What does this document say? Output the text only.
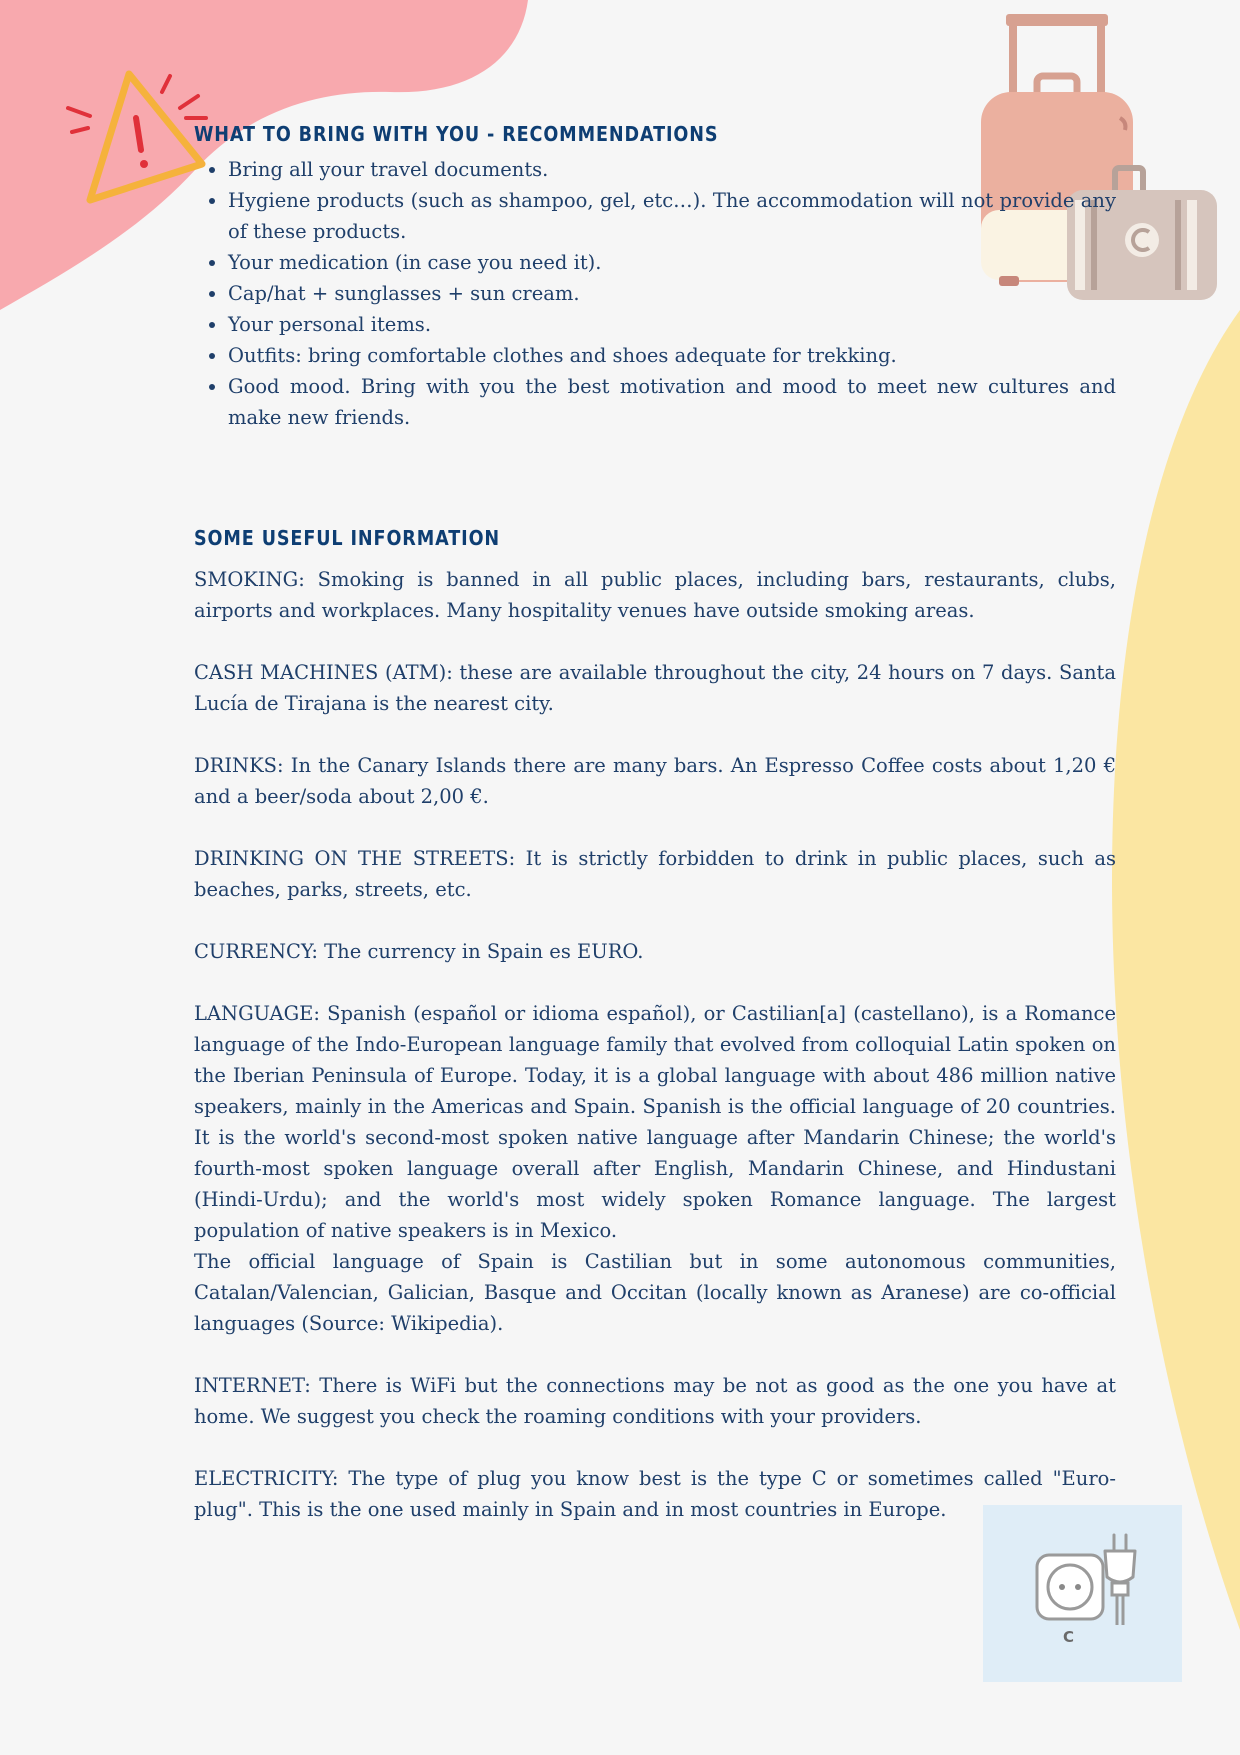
WHAT TO BRING WITH YOU - RECOMMENDATIONS
• Bring all your travel documents.
• Hygiene products (such as shampoo, gel, etc…). The accommodation will not provide any of these products.
• Your medication (in case you need it).
• Cap/hat + sunglasses + sun cream.
• Your personal items.
• Outfits: bring comfortable clothes and shoes adequate for trekking.
• Good mood. Bring with you the best motivation and mood to meet new cultures and make new friends.
SOME USEFUL INFORMATION

SMOKING: Smoking is banned in all public places, including bars, restaurants, clubs, airports and workplaces. Many hospitality venues have outside smoking areas.

CASH MACHINES (ATM): these are available throughout the city, 24 hours on 7 days. Santa Lucía de Tirajana is the nearest city.

DRINKS: In the Canary Islands there are many bars. An Espresso Coffee costs about 1,20 € and a beer/soda about 2,00 €.

DRINKING ON THE STREETS: It is strictly forbidden to drink in public places, such as beaches, parks, streets, etc.

CURRENCY: The currency in Spain es EURO.

LANGUAGE: Spanish (español or idioma español), or Castilian[a] (castellano), is a Romance language of the Indo-European language family that evolved from colloquial Latin spoken on the Iberian Peninsula of Europe. Today, it is a global language with about 486 million native speakers, mainly in the Americas and Spain. Spanish is the official language of 20 countries. It is the world's second-most spoken native language after Mandarin Chinese; the world's fourth-most spoken language overall after English, Mandarin Chinese, and Hindustani (Hindi-Urdu); and the world's most widely spoken Romance language. The largest population of native speakers is in Mexico.

The official language of Spain is Castilian but in some autonomous communities, Catalan/Valencian, Galician, Basque and Occitan (locally known as Aranese) are co-official languages (Source: Wikipedia).

INTERNET: There is WiFi but the connections may be not as good as the one you have at home. We suggest you check the roaming conditions with your providers.

ELECTRICITY: The type of plug you know best is the type C or sometimes called "Euro-plug". This is the one used mainly in Spain and in most countries in Europe.

C
